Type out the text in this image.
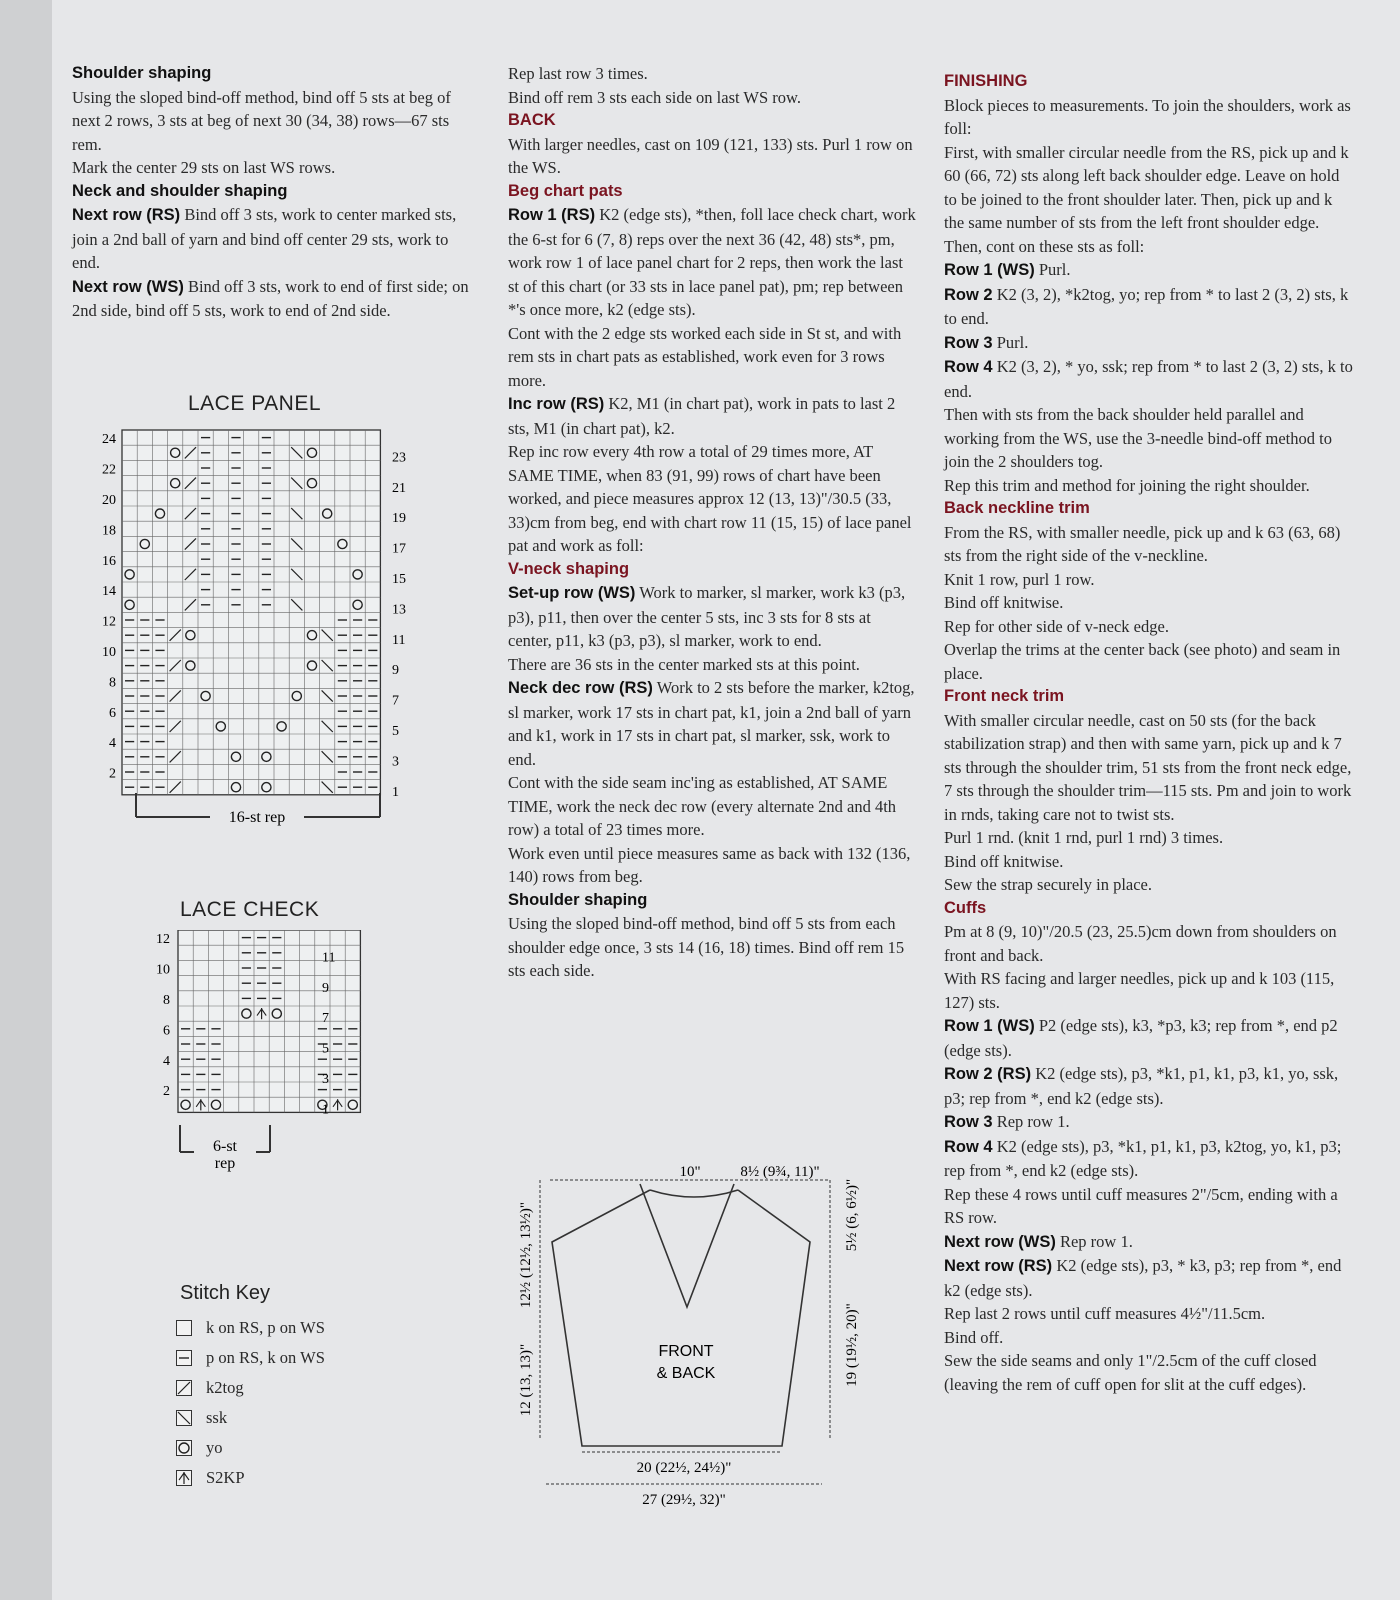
Shoulder shaping

Using the sloped bind-off method, bind off 5 sts at beg of next 2 rows, 3 sts at beg of next 30 (34, 38) rows—67 sts rem.

Mark the center 29 sts on last WS rows.

Neck and shoulder shaping

Next row (RS) Bind off 3 sts, work to center marked sts, join a 2nd ball of yarn and bind off center 29 sts, work to end.

Next row (WS) Bind off 3 sts, work to end of first side; on 2nd side, bind off 5 sts, work to end of 2nd side.

LACE PANEL
24
22
20
18
16
14
12
10
8
6
4
2
23
21
19
17
15
13
11
9
7
5
3
1
16-st rep
LACE CHECK
12
10
8
6
4
2
11
9
7
5
3
1
6-st
rep
Stitch Key
k on RS, p on WS
p on RS, k on WS
k2tog
ssk
yo
S2KP

Rep last row 3 times.

Bind off rem 3 sts each side on last WS row.

BACK

With larger needles, cast on 109 (121, 133) sts. Purl 1 row on the WS.

Beg chart pats

Row 1 (RS) K2 (edge sts), *then, foll lace check chart, work the 6-st for 6 (7, 8) reps over the next 36 (42, 48) sts*, pm, work row 1 of lace panel chart for 2 reps, then work the last st of this chart (or 33 sts in lace panel pat), pm; rep between *'s once more, k2 (edge sts).

Cont with the 2 edge sts worked each side in St st, and with rem sts in chart pats as established, work even for 3 rows more.

Inc row (RS) K2, M1 (in chart pat), work in pats to last 2 sts, M1 (in chart pat), k2.

Rep inc row every 4th row a total of 29 times more, AT SAME TIME, when 83 (91, 99) rows of chart have been worked, and piece measures approx 12 (13, 13)"/30.5 (33, 33)cm from beg, end with chart row 11 (15, 15) of lace panel pat and work as foll:

V-neck shaping

Set-up row (WS) Work to marker, sl marker, work k3 (p3, p3), p11, then over the center 5 sts, inc 3 sts for 8 sts at center, p11, k3 (p3, p3), sl marker, work to end.

There are 36 sts in the center marked sts at this point.

Neck dec row (RS) Work to 2 sts before the marker, k2tog, sl marker, work 17 sts in chart pat, k1, join a 2nd ball of yarn and k1, work in 17 sts in chart pat, sl marker, ssk, work to end.

Cont with the side seam inc'ing as established, AT SAME TIME, work the neck dec row (every alternate 2nd and 4th row) a total of 23 times more.

Work even until piece measures same as back with 132 (136, 140) rows from beg.

Shoulder shaping

Using the sloped bind-off method, bind off 5 sts from each shoulder edge once, 3 sts 14 (16, 18) times. Bind off rem 15 sts each side.

10"	8½ (9¾, 11)"
12½ (12½, 13½)"
12 (13, 13)"
5½ (6, 6½)"
19 (19½, 20)"
FRONT
& BACK
20 (22½, 24½)"
27 (29½, 32)"

FINISHING

Block pieces to measurements. To join the shoulders, work as foll:

First, with smaller circular needle from the RS, pick up and k 60 (66, 72) sts along left back shoulder edge. Leave on hold to be joined to the front shoulder later. Then, pick up and k the same number of sts from the left front shoulder edge. Then, cont on these sts as foll:

Row 1 (WS) Purl.

Row 2 K2 (3, 2), *k2tog, yo; rep from * to last 2 (3, 2) sts, k to end.

Row 3 Purl.

Row 4 K2 (3, 2), * yo, ssk; rep from * to last 2 (3, 2) sts, k to end.

Then with sts from the back shoulder held parallel and working from the WS, use the 3-needle bind-off method to join the 2 shoulders tog.

Rep this trim and method for joining the right shoulder.

Back neckline trim

From the RS, with smaller needle, pick up and k 63 (63, 68) sts from the right side of the v-neckline.

Knit 1 row, purl 1 row.

Bind off knitwise.

Rep for other side of v-neck edge.

Overlap the trims at the center back (see photo) and seam in place.

Front neck trim

With smaller circular needle, cast on 50 sts (for the back stabilization strap) and then with same yarn, pick up and k 7 sts through the shoulder trim, 51 sts from the front neck edge, 7 sts through the shoulder trim—115 sts. Pm and join to work in rnds, taking care not to twist sts.

Purl 1 rnd. (knit 1 rnd, purl 1 rnd) 3 times.

Bind off knitwise.

Sew the strap securely in place.

Cuffs

Pm at 8 (9, 10)"/20.5 (23, 25.5)cm down from shoulders on front and back.

With RS facing and larger needles, pick up and k 103 (115, 127) sts.

Row 1 (WS) P2 (edge sts), k3, *p3, k3; rep from *, end p2 (edge sts).

Row 2 (RS) K2 (edge sts), p3, *k1, p1, k1, p3, k1, yo, ssk, p3; rep from *, end k2 (edge sts).

Row 3 Rep row 1.

Row 4 K2 (edge sts), p3, *k1, p1, k1, p3, k2tog, yo, k1, p3; rep from *, end k2 (edge sts).

Rep these 4 rows until cuff measures 2"/5cm, ending with a RS row.

Next row (WS) Rep row 1.

Next row (RS) K2 (edge sts), p3, * k3, p3; rep from *, end k2 (edge sts).

Rep last 2 rows until cuff measures 4½"/11.5cm.

Bind off.

Sew the side seams and only 1"/2.5cm of the cuff closed (leaving the rem of cuff open for slit at the cuff edges).
